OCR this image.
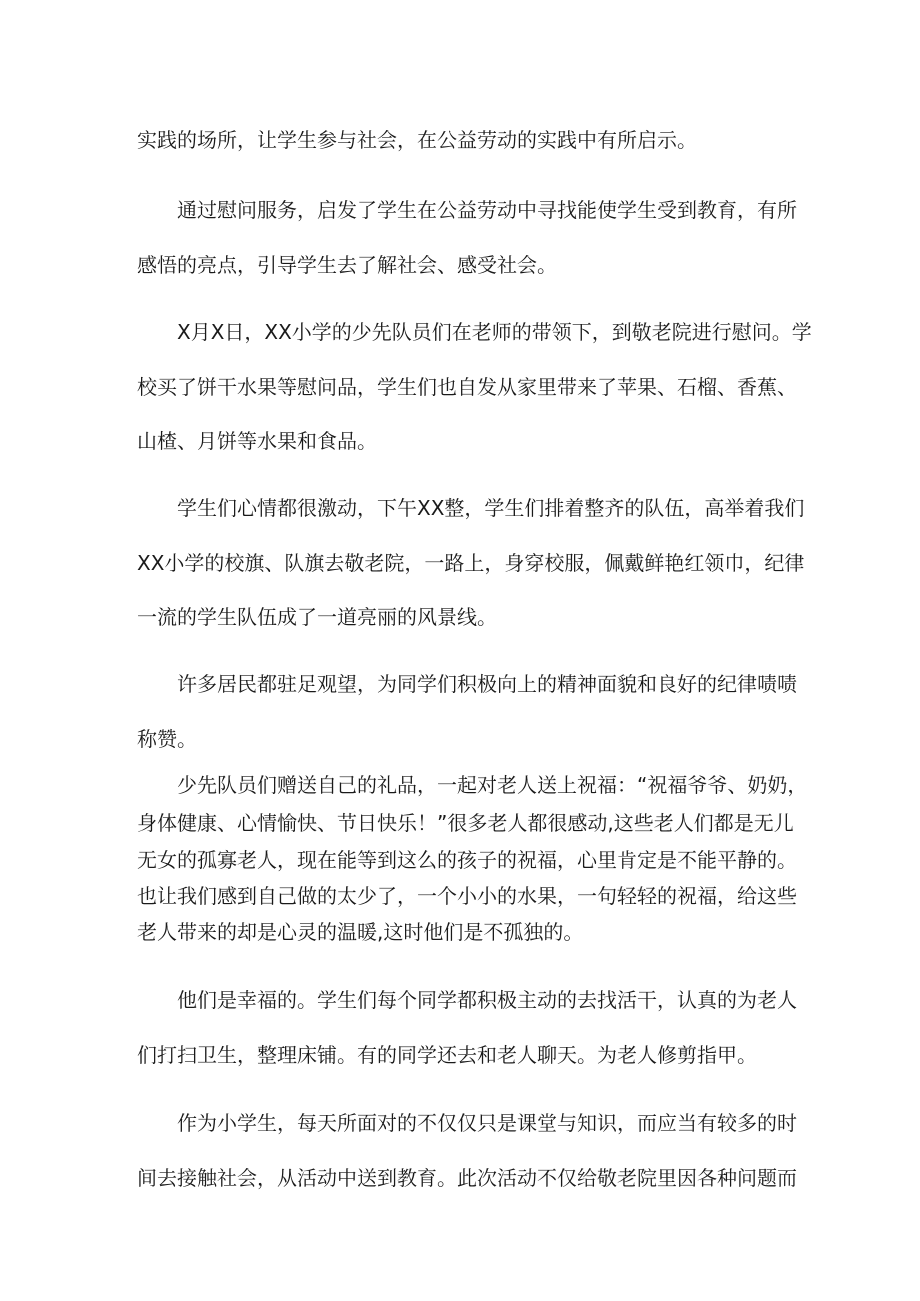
实践的场所，让学生参与社会，在公益劳动的实践中有所启示。

通过慰问服务，启发了学生在公益劳动中寻找能使学生受到教育，有所

感悟的亮点，引导学生去了解社会、感受社会。

X月X日，XX小学的少先队员们在老师的带领下，到敬老院进行慰问。学

校买了饼干水果等慰问品，学生们也自发从家里带来了苹果、石榴、香蕉、

山楂、月饼等水果和食品。

学生们心情都很激动，下午XX整，学生们排着整齐的队伍，高举着我们

XX小学的校旗、队旗去敬老院，一路上，身穿校服，佩戴鲜艳红领巾，纪律

一流的学生队伍成了一道亮丽的风景线。

许多居民都驻足观望，为同学们积极向上的精神面貌和良好的纪律啧啧

称赞。

少先队员们赠送自己的礼品，一起对老人送上祝福：“祝福爷爷、奶奶，

身体健康、心情愉快、节日快乐！”很多老人都很感动,这些老人们都是无儿

无女的孤寡老人，现在能等到这么的孩子的祝福，心里肯定是不能平静的。

也让我们感到自己做的太少了，一个小小的水果，一句轻轻的祝福，给这些

老人带来的却是心灵的温暖,这时他们是不孤独的。

他们是幸福的。学生们每个同学都积极主动的去找活干，认真的为老人

们打扫卫生，整理床铺。有的同学还去和老人聊天。为老人修剪指甲。

作为小学生，每天所面对的不仅仅只是课堂与知识，而应当有较多的时

间去接触社会，从活动中送到教育。此次活动不仅给敬老院里因各种问题而
